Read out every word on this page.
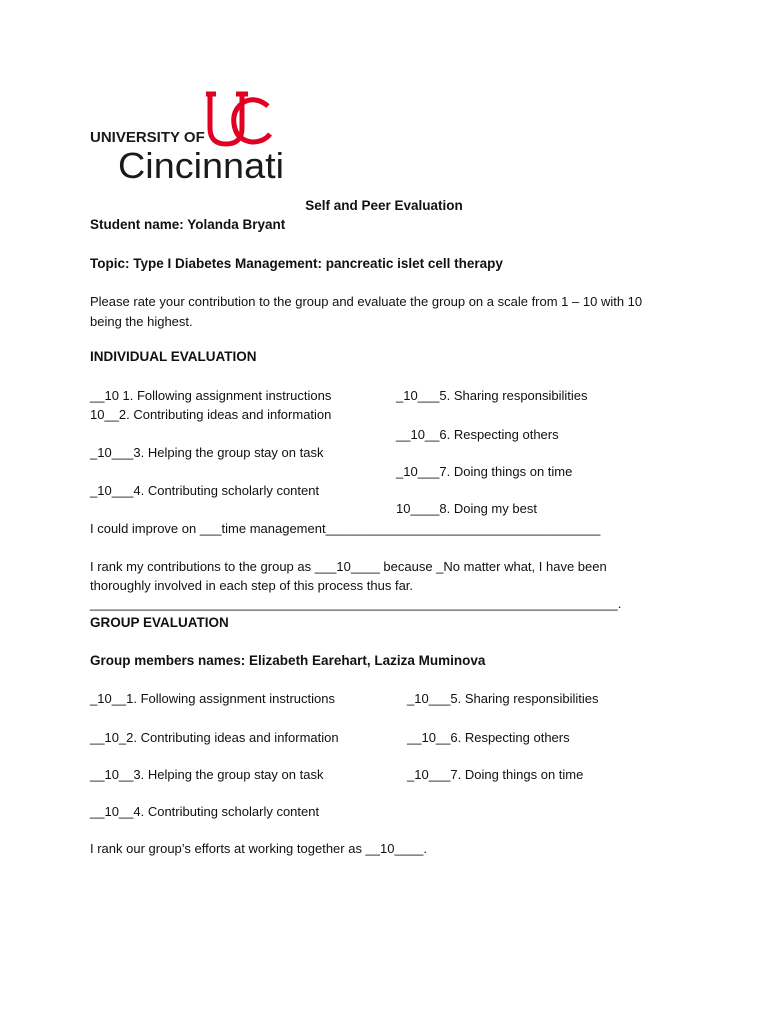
UNIVERSITY OF
Cincinnati
Self and Peer Evaluation
Student name: Yolanda Bryant
Topic: Type I Diabetes Management: pancreatic islet cell therapy
Please rate your contribution to the group and evaluate the group on a scale from 1 – 10 with 10 being the highest.
INDIVIDUAL EVALUATION
__10 1. Following assignment instructions
10__2. Contributing ideas and information
_10___3. Helping the group stay on task
_10___4. Contributing scholarly content
_10___5. Sharing responsibilities
__10__6. Respecting others
_10___7. Doing things on time
10____8. Doing my best
I could improve on ___time management______________________________________
I rank my contributions to the group as ___10____ because _No matter what, I have been
thoroughly involved in each step of this process thus far.
_________________________________________________________________________.
GROUP EVALUATION
Group members names: Elizabeth Earehart, Laziza Muminova
_10__1. Following assignment instructions
__10_2. Contributing ideas and information
__10__3. Helping the group stay on task
__10__4. Contributing scholarly content
_10___5. Sharing responsibilities
__10__6. Respecting others
_10___7. Doing things on time
I rank our group’s efforts at working together as __10____.
